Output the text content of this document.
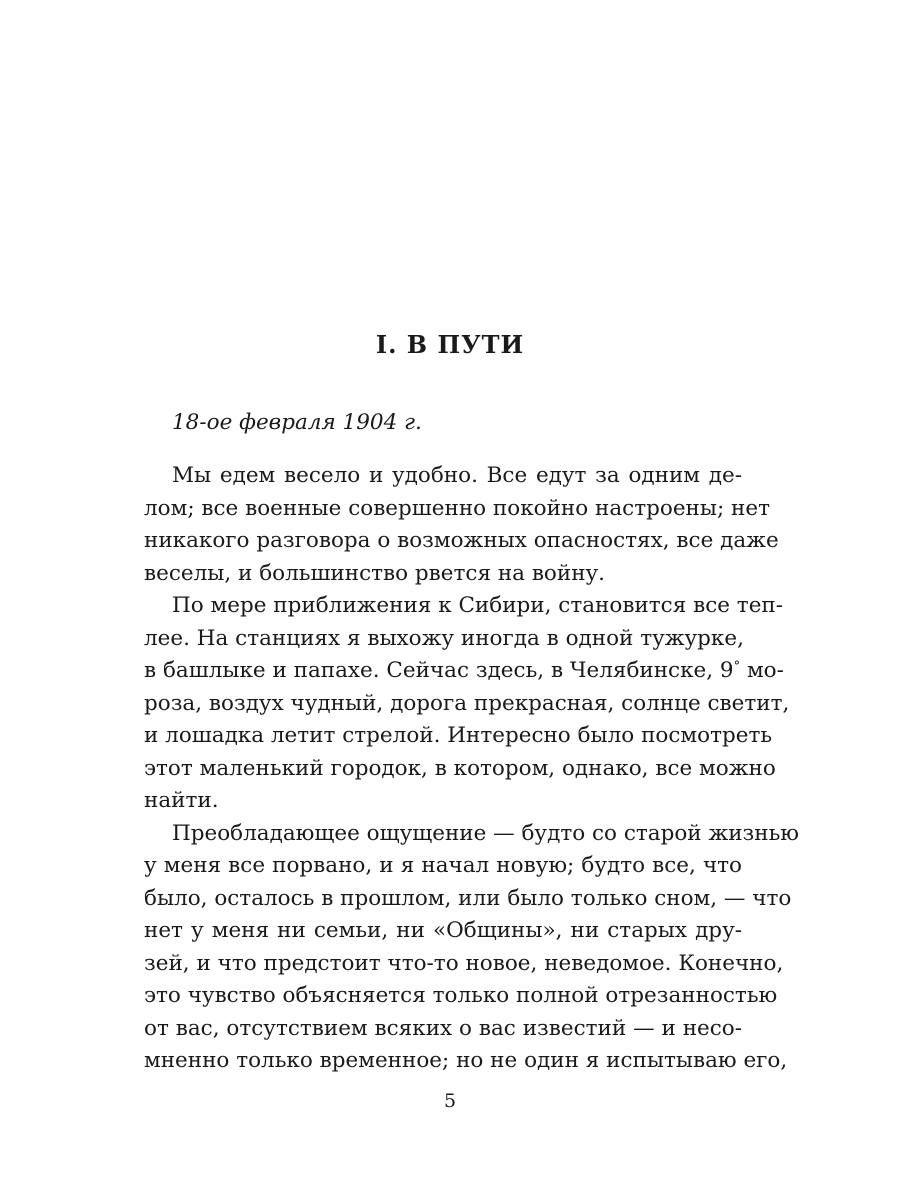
I. В ПУТИ

18-ое февраля 1904 г.

Мы едем весело и удобно. Все едут за одним де-
лом; все военные совершенно покойно настроены; нет
никакого разговора о возможных опасностях, все даже
веселы, и большинство рвется на войну.
По мере приближения к Сибири, становится все теп-
лее. На станциях я выхожу иногда в одной тужурке,
в башлыке и папахе. Сейчас здесь, в Челябинске, 9° мо-
роза, воздух чудный, дорога прекрасная, солнце светит,
и лошадка летит стрелой. Интересно было посмотреть
этот маленький городок, в котором, однако, все можно
найти.
Преобладающее ощущение — будто со старой жизнью
у меня все порвано, и я начал новую; будто все, что
было, осталось в прошлом, или было только сном, — что
нет у меня ни семьи, ни «Общины», ни старых дру-
зей, и что предстоит что-то новое, неведомое. Конечно,
это чувство объясняется только полной отрезанностью
от вас, отсутствием всяких о вас известий — и несо-
мненно только временное; но не один я испытываю его,

5
